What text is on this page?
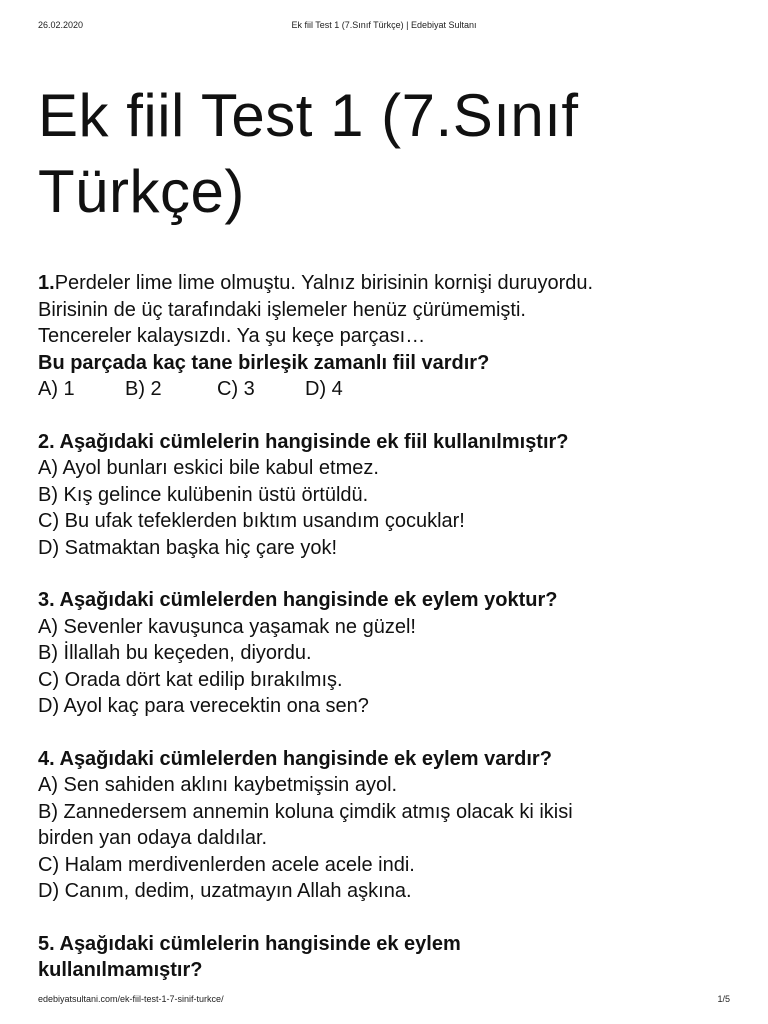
26.02.2020	Ek fiil Test 1 (7.Sınıf Türkçe) | Edebiyat Sultanı
Ek fiil Test 1 (7.Sınıf
Türkçe)
1.Perdeler lime lime olmuştu. Yalnız birisinin kornişi duruyordu.
Birisinin de üç tarafındaki işlemeler henüz çürümemişti.
Tencereler kalaysızdı. Ya şu keçe parçası…
Bu parçada kaç tane birleşik zamanlı fiil vardır?
A) 1	B) 2	C) 3	D) 4
2. Aşağıdaki cümlelerin hangisinde ek fiil kullanılmıştır?
A) Ayol bunları eskici bile kabul etmez.
B) Kış gelince kulübenin üstü örtüldü.
C) Bu ufak tefeklerden bıktım usandım çocuklar!
D) Satmaktan başka hiç çare yok!
3. Aşağıdaki cümlelerden hangisinde ek eylem yoktur?
A) Sevenler kavuşunca yaşamak ne güzel!
B) İllallah bu keçeden, diyordu.
C) Orada dört kat edilip bırakılmış.
D) Ayol kaç para verecektin ona sen?
4. Aşağıdaki cümlelerden hangisinde ek eylem vardır?
A) Sen sahiden aklını kaybetmişsin ayol.
B) Zannedersem annemin koluna çimdik atmış olacak ki ikisi
birden yan odaya daldılar.
C) Halam merdivenlerden acele acele indi.
D) Canım, dedim, uzatmayın Allah aşkına.
5. Aşağıdaki cümlelerin hangisinde ek eylem
kullanılmamıştır?
edebiyatsultani.com/ek-fiil-test-1-7-sinif-turkce/	1/5
